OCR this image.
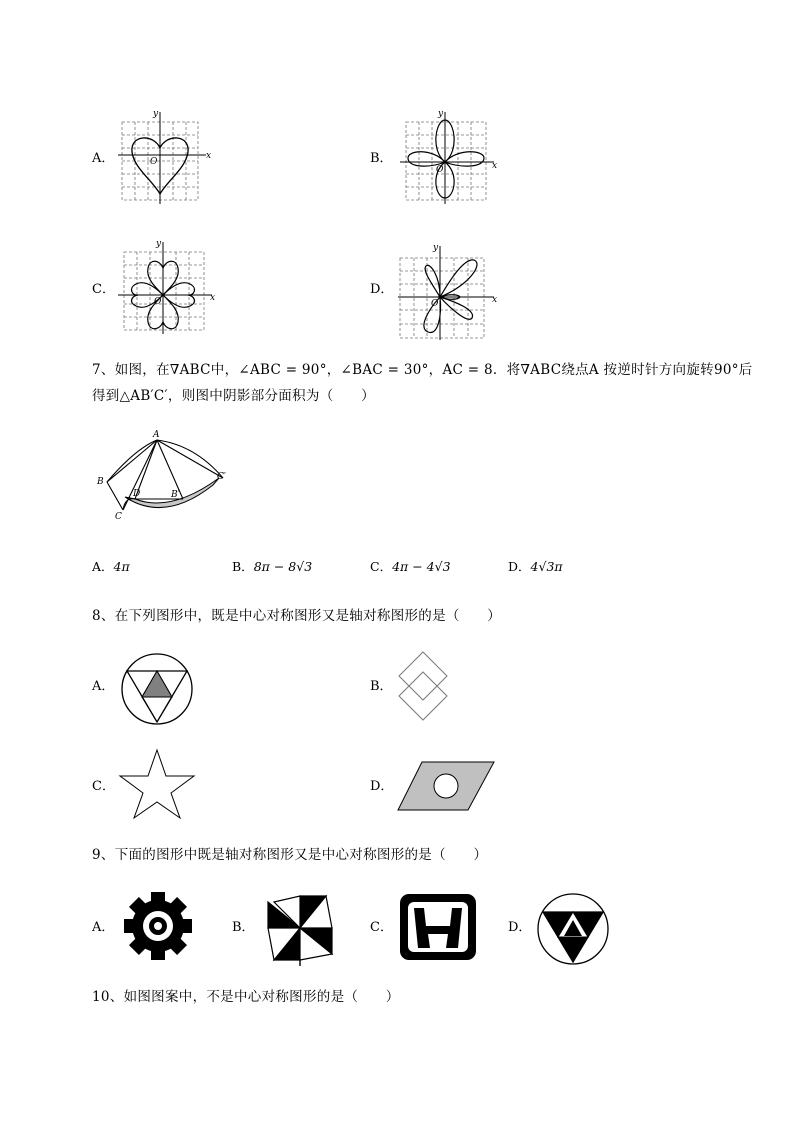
A．	x
y
O	B．	x
y
O
C．
x
y
O
D．
x
y
O
7、如图，在∇ABC中，∠ABC = 90°，∠BAC = 30°，AC = 8．将∇ABC绕点A 按逆时针方向旋转90°后
得到△AB′C′，则图中阴影部分面积为（　　）
A
B
C
D	B′
C′
A．4π	B．8π − 8√3	C．4π − 4√3	D．4√3π
8、在下列图形中，既是中心对称图形又是轴对称图形的是（　　）
A．	B．
C．	D．
9、下面的图形中既是轴对称图形又是中心对称图形的是（　　）
A．	B．	C．	D．
10、如图图案中，不是中心对称图形的是（　　）
